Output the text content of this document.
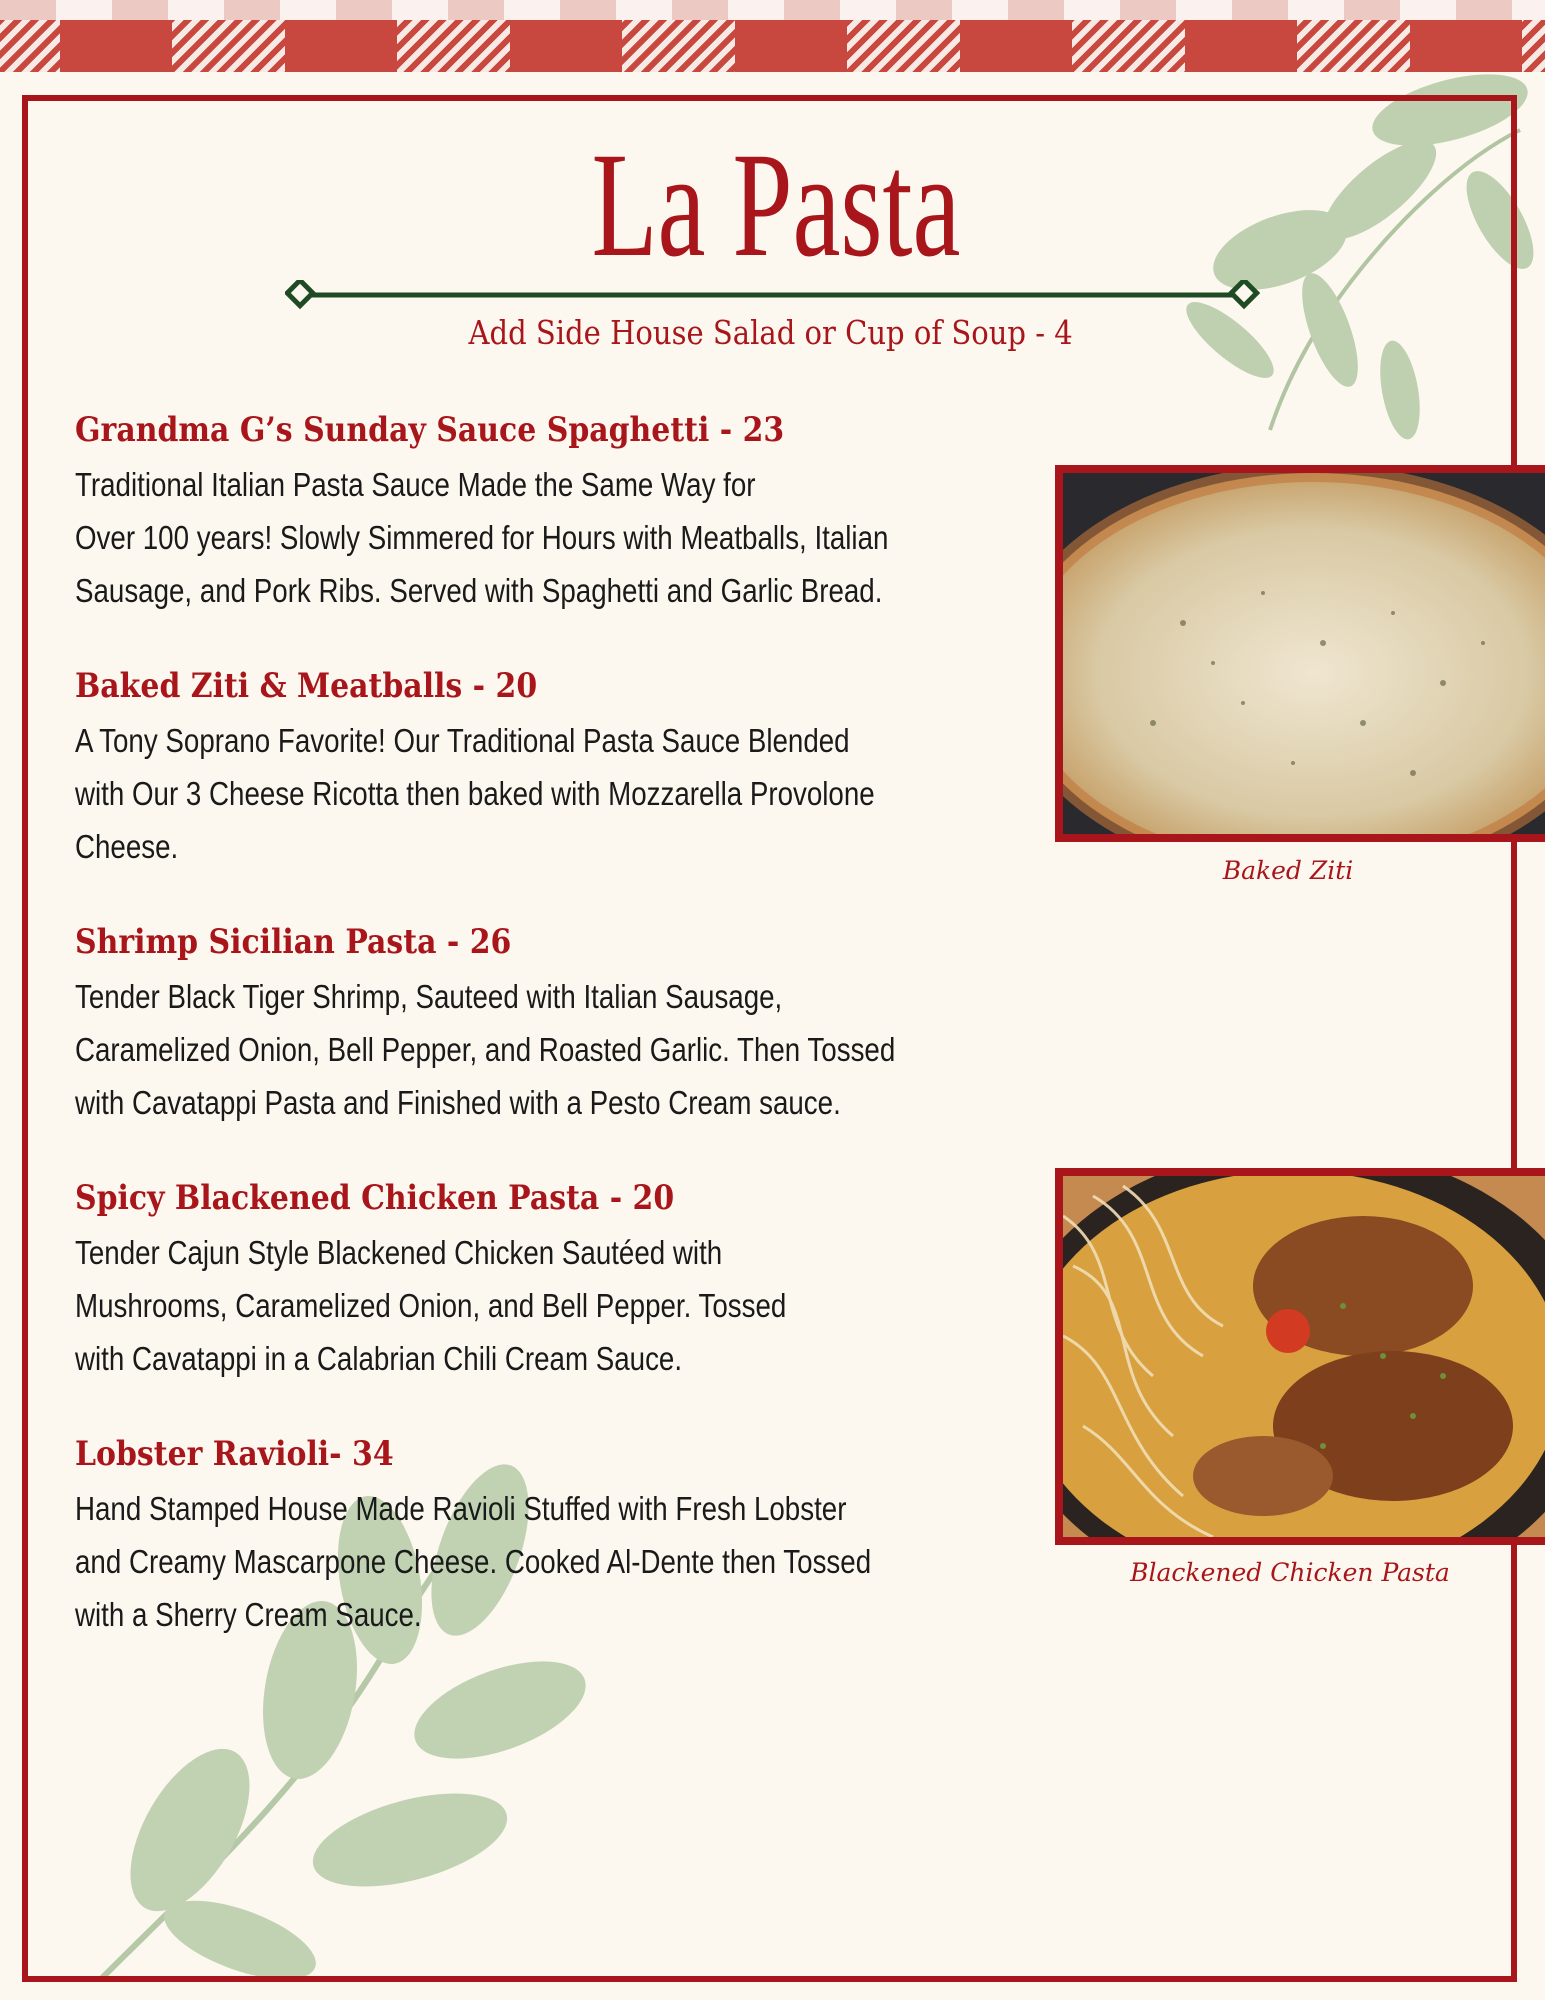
La Pasta
Add Side House Salad or Cup of Soup - 4
Grandma G’s Sunday Sauce Spaghetti - 23
Traditional Italian Pasta Sauce Made the Same Way for
Over 100 years! Slowly Simmered for Hours with Meatballs, Italian
Sausage, and Pork Ribs. Served with Spaghetti and Garlic Bread.
Baked Ziti & Meatballs - 20
A Tony Soprano Favorite! Our Traditional Pasta Sauce Blended
with Our 3 Cheese Ricotta then baked with Mozzarella Provolone
Cheese.
Shrimp Sicilian Pasta - 26
Tender Black Tiger Shrimp, Sauteed with Italian Sausage,
Caramelized Onion, Bell Pepper, and Roasted Garlic. Then Tossed
with Cavatappi Pasta and Finished with a Pesto Cream sauce.
Spicy Blackened Chicken Pasta - 20
Tender Cajun Style Blackened Chicken Sautéed with
Mushrooms, Caramelized Onion, and Bell Pepper. Tossed
with Cavatappi in a Calabrian Chili Cream Sauce.
Lobster Ravioli- 34
Hand Stamped House Made Ravioli Stuffed with Fresh Lobster
and Creamy Mascarpone Cheese. Cooked Al-Dente then Tossed
with a Sherry Cream Sauce.
Baked Ziti
Blackened Chicken Pasta
